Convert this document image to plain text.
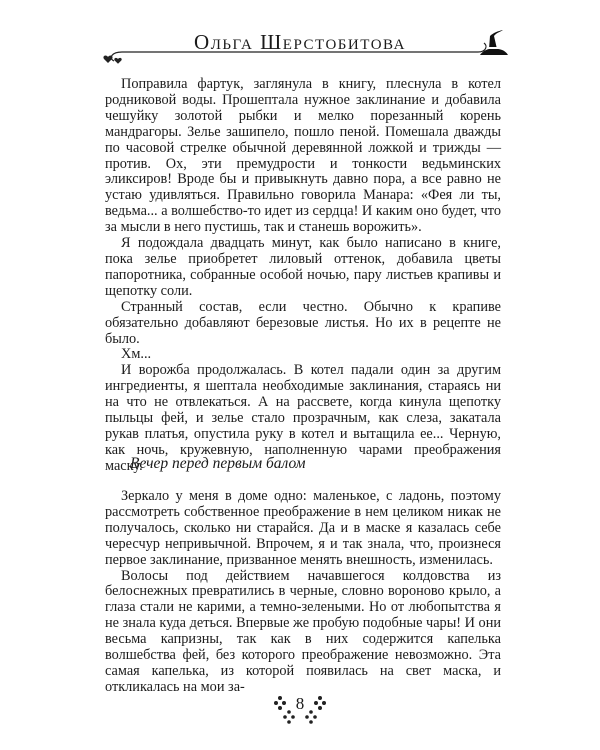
Ольга Шерстобитова

Поправила фартук, заглянула в книгу, плеснула в котел родниковой воды. Прошептала нужное заклинание и добавила чешуйку золотой рыбки и мелко порезанный корень мандрагоры. Зелье зашипело, пошло пеной. Помешала дважды по часовой стрелке обычной деревянной ложкой и трижды — против. Ох, эти премудрости и тонкости ведьминских эликсиров! Вроде бы и привыкнуть давно пора, а все равно не устаю удивляться. Правильно говорила Манара: «Фея ли ты, ведьма... а волшебство-то идет из сердца! И каким оно будет, что за мысли в него пустишь, так и станешь ворожить».

Я подождала двадцать минут, как было написано в книге, пока зелье приобретет лиловый оттенок, добавила цветы папоротника, собранные особой ночью, пару листьев крапивы и щепотку соли.

Странный состав, если честно. Обычно к крапиве обязательно добавляют березовые листья. Но их в рецепте не было.

Хм...

И ворожба продолжалась. В котел падали один за другим ингредиенты, я шептала необходимые заклинания, стараясь ни на что не отвлекаться. А на рассвете, когда кинула щепотку пыльцы фей, и зелье стало прозрачным, как слеза, закатала рукав платья, опустила руку в котел и вытащила ее... Черную, как ночь, кружевную, наполненную чарами преображения маску.

Вечер перед первым балом

Зеркало у меня в доме одно: маленькое, с ладонь, поэтому рассмотреть собственное преображение в нем целиком никак не получалось, сколько ни старайся. Да и в маске я казалась себе чересчур непривычной. Впрочем, я и так знала, что, произнеся первое заклинание, призванное менять внешность, изменилась.

Волосы под действием начавшегося колдовства из белоснежных превратились в черные, словно вороново крыло, а глаза стали не карими, а темно-зелеными. Но от любопытства я не знала куда деться. Впервые же пробую подобные чары! И они весьма капризны, так как в них содержится капелька волшебства фей, без которого преображение невозможно. Эта самая капелька, из которой появилась на свет маска, и откликалась на мои за-

8
